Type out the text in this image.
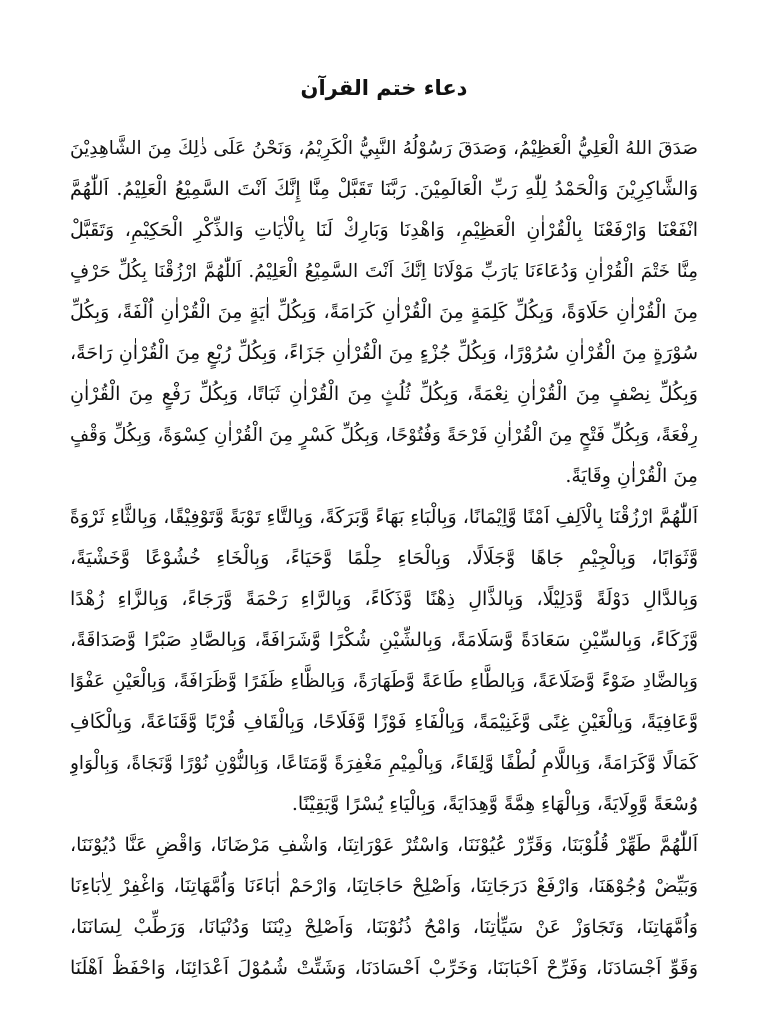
دعاء ختم القرآن
صَدَقَ اللهُ الْعَلِيُّ الْعَظِيْمُ، وَصَدَقَ رَسُوْلُهُ النَّبِيُّ الْكَرِيْمُ، وَنَحْنُ عَلَى ذٰلِكَ مِنَ الشَّاهِدِيْنَ
وَالشَّاكِرِيْنَ وَالْحَمْدُ لِلّٰهِ رَبِّ الْعَالَمِيْنَ. رَبَّنَا تَقَبَّلْ مِنَّا إِنَّكَ اَنْتَ السَّمِيْعُ الْعَلِيْمُ. اَللّٰهُمَّ
انْفَعْنَا وَارْفَعْنَا بِالْقُرْاٰنِ الْعَظِيْمِ، وَاهْدِنَا وَبَارِكْ لَنَا بِالْاٰيَاتِ وَالذِّكْرِ الْحَكِيْمِ، وَتَقَبَّلْ
مِنَّا خَتْمَ الْقُرْاٰنِ وَدُعَاءَنَا يَارَبِّ مَوْلَانَا اِنَّكَ اَنْتَ السَّمِيْعُ الْعَلِيْمُ. اَللّٰهُمَّ ارْزُقْنَا بِكُلِّ حَرْفٍ
مِنَ الْقُرْاٰنِ حَلَاوَةً، وَبِكُلِّ كَلِمَةٍ مِنَ الْقُرْاٰنِ كَرَامَةً، وَبِكُلِّ اٰيَةٍ مِنَ الْقُرْاٰنِ اُلْفَةً، وَبِكُلِّ
سُوْرَةٍ مِنَ الْقُرْاٰنِ سُرُوْرًا، وَبِكُلِّ جُزْءٍ مِنَ الْقُرْاٰنِ جَزَاءً، وَبِكُلِّ رُبْعٍ مِنَ الْقُرْاٰنِ رَاحَةً،
وَبِكُلِّ نِصْفٍ مِنَ الْقُرْاٰنِ نِعْمَةً، وَبِكُلِّ ثُلُثٍ مِنَ الْقُرْاٰنِ ثَبَاتًا، وَبِكُلِّ رَفْعٍ مِنَ الْقُرْاٰنِ
رِفْعَةً، وَبِكُلِّ فَتْحٍ مِنَ الْقُرْاٰنِ فَرْحَةً وَفُتُوْحًا، وَبِكُلِّ كَسْرٍ مِنَ الْقُرْاٰنِ كِسْوَةً، وَبِكُلِّ وَقْفٍ
مِنَ الْقُرْاٰنِ وِقَايَةً.
اَللّٰهُمَّ ارْزُقْنَا بِالْاَلِفِ اَمْنًا وَّاِيْمَانًا، وَبِالْبَاءِ بَهَاءً وَّبَرَكَةً، وَبِالتَّاءِ تَوْبَةً وَّتَوْفِيْقًا، وَبِالثَّاءِ ثَرْوَةً
وَّثَوَابًا، وَبِالْجِيْمِ جَاهًا وَّجَلَالًا، وَبِالْحَاءِ حِلْمًا وَّحَيَاءً، وَبِالْخَاءِ خُشُوْعًا وَّخَشْيَةً،
وَبِالدَّالِ دَوْلَةً وَّدَلِيْلًا، وَبِالذَّالِ ذِهْنًا وَّذَكَاءً، وَبِالرَّاءِ رَحْمَةً وَّرَجَاءً، وَبِالزَّاءِ زُهْدًا
وَّزَكَاءً، وَبِالسِّيْنِ سَعَادَةً وَّسَلَامَةً، وَبِالشِّيْنِ شُكْرًا وَّشَرَافَةً، وَبِالصَّادِ صَبْرًا وَّصَدَاقَةً،
وَبِالضَّادِ ضَوْءً وَّضَلَاعَةً، وَبِالطَّاءِ طَاعَةً وَّطَهَارَةً، وَبِالظَّاءِ ظَفَرًا وَّظَرَافَةً، وَبِالْعَيْنِ عَفْوًا
وَّعَافِيَةً، وَبِالْغَيْنِ غِنًى وَّغَنِيْمَةً، وَبِالْفَاءِ فَوْزًا وَّفَلَاحًا، وَبِالْقَافِ قُرْبًا وَّقَنَاعَةً، وَبِالْكَافِ
كَمَالًا وَّكَرَامَةً، وَبِاللَّامِ لُطْفًا وَّلِقَاءً، وَبِالْمِيْمِ مَغْفِرَةً وَّمَتَاعًا، وَبِالنُّوْنِ نُوْرًا وَّنَجَاةً، وَبِالْوَاوِ
وُسْعَةً وَّوِلَايَةً، وَبِالْهَاءِ هِمَّةً وَّهِدَايَةً، وَبِالْيَاءِ يُسْرًا وَّيَقِيْنًا.
اَللّٰهُمَّ طَهِّرْ قُلُوْبَنَا، وَقَرِّرْ عُيُوْنَنَا، وَاسْتُرْ عَوْرَاتِنَا، وَاشْفِ مَرْضَانَا، وَاقْضِ عَنَّا دُيُوْنَنَا،
وَبَيِّضْ وُجُوْهَنَا، وَارْفَعْ دَرَجَاتِنَا، وَاَصْلِحْ حَاجَاتِنَا، وَارْحَمْ اٰبَاءَنَا وَاُمَّهَاتِنَا، وَاغْفِرْ لِاٰبَاءِنَا
وَاُمَّهَاتِنَا، وَتَجَاوَزْ عَنْ سَيِّاٰتِنَا، وَامْحُ ذُنُوْبَنَا، وَاَصْلِحْ دِيْنَنَا وَدُنْيَانَا، وَرَطِّبْ لِسَانَنَا،
وَقَوِّ اَجْسَادَنَا، وَفَرِّحْ اَحْبَابَنَا، وَخَرِّبْ اَحْسَادَنَا، وَشَتِّتْ شُمُوْلَ اَعْدَائِنَا، وَاحْفَظْ اَهْلَنَا
